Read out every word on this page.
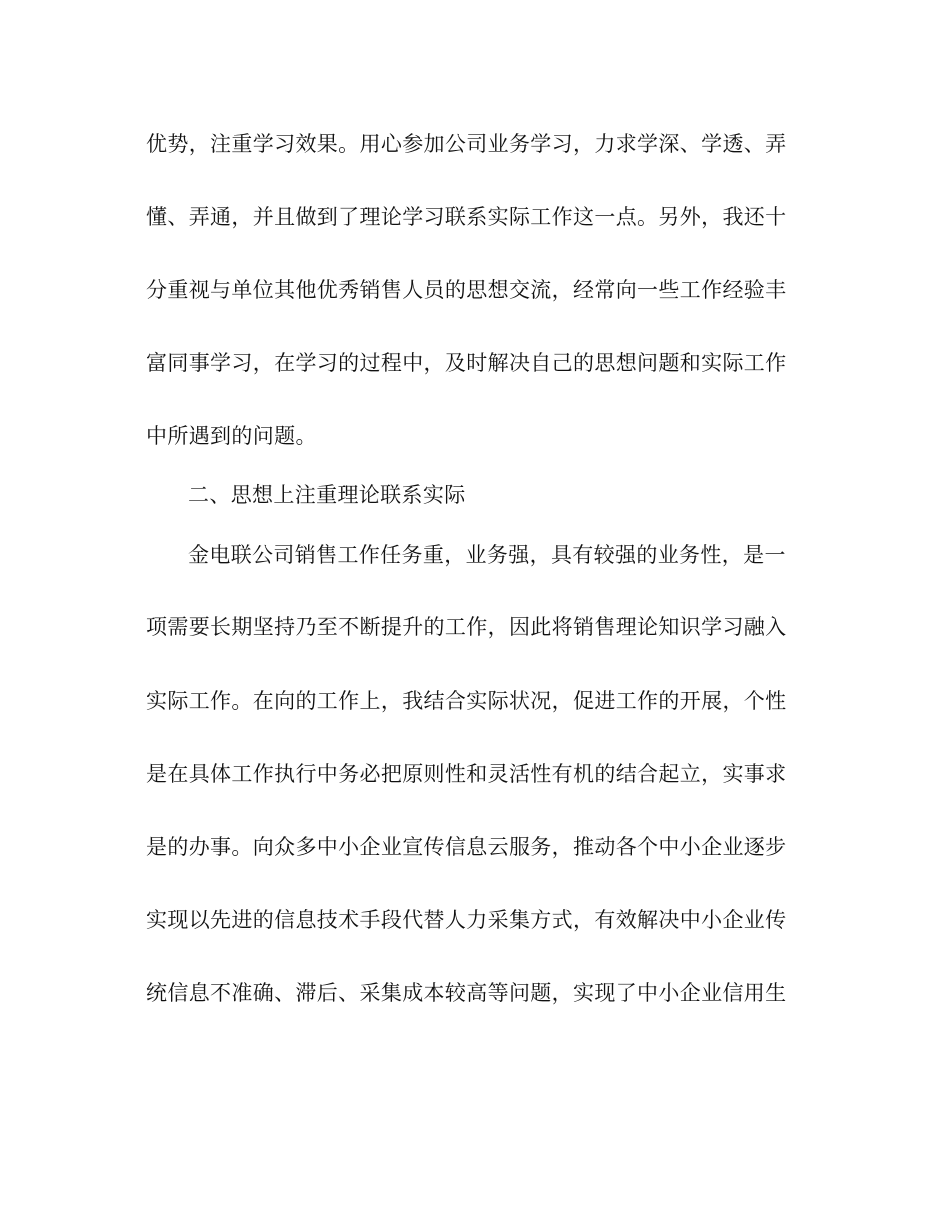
优势，注重学习效果。用心参加公司业务学习，力求学深、学透、弄
懂、弄通，并且做到了理论学习联系实际工作这一点。另外，我还十
分重视与单位其他优秀销售人员的思想交流，经常向一些工作经验丰
富同事学习，在学习的过程中，及时解决自己的思想问题和实际工作
中所遇到的问题。
二、思想上注重理论联系实际
金电联公司销售工作任务重，业务强，具有较强的业务性，是一
项需要长期坚持乃至不断提升的工作，因此将销售理论知识学习融入
实际工作。在向的工作上，我结合实际状况，促进工作的开展，个性
是在具体工作执行中务必把原则性和灵活性有机的结合起立，实事求
是的办事。向众多中小企业宣传信息云服务，推动各个中小企业逐步
实现以先进的信息技术手段代替人力采集方式，有效解决中小企业传
统信息不准确、滞后、采集成本较高等问题，实现了中小企业信用生
